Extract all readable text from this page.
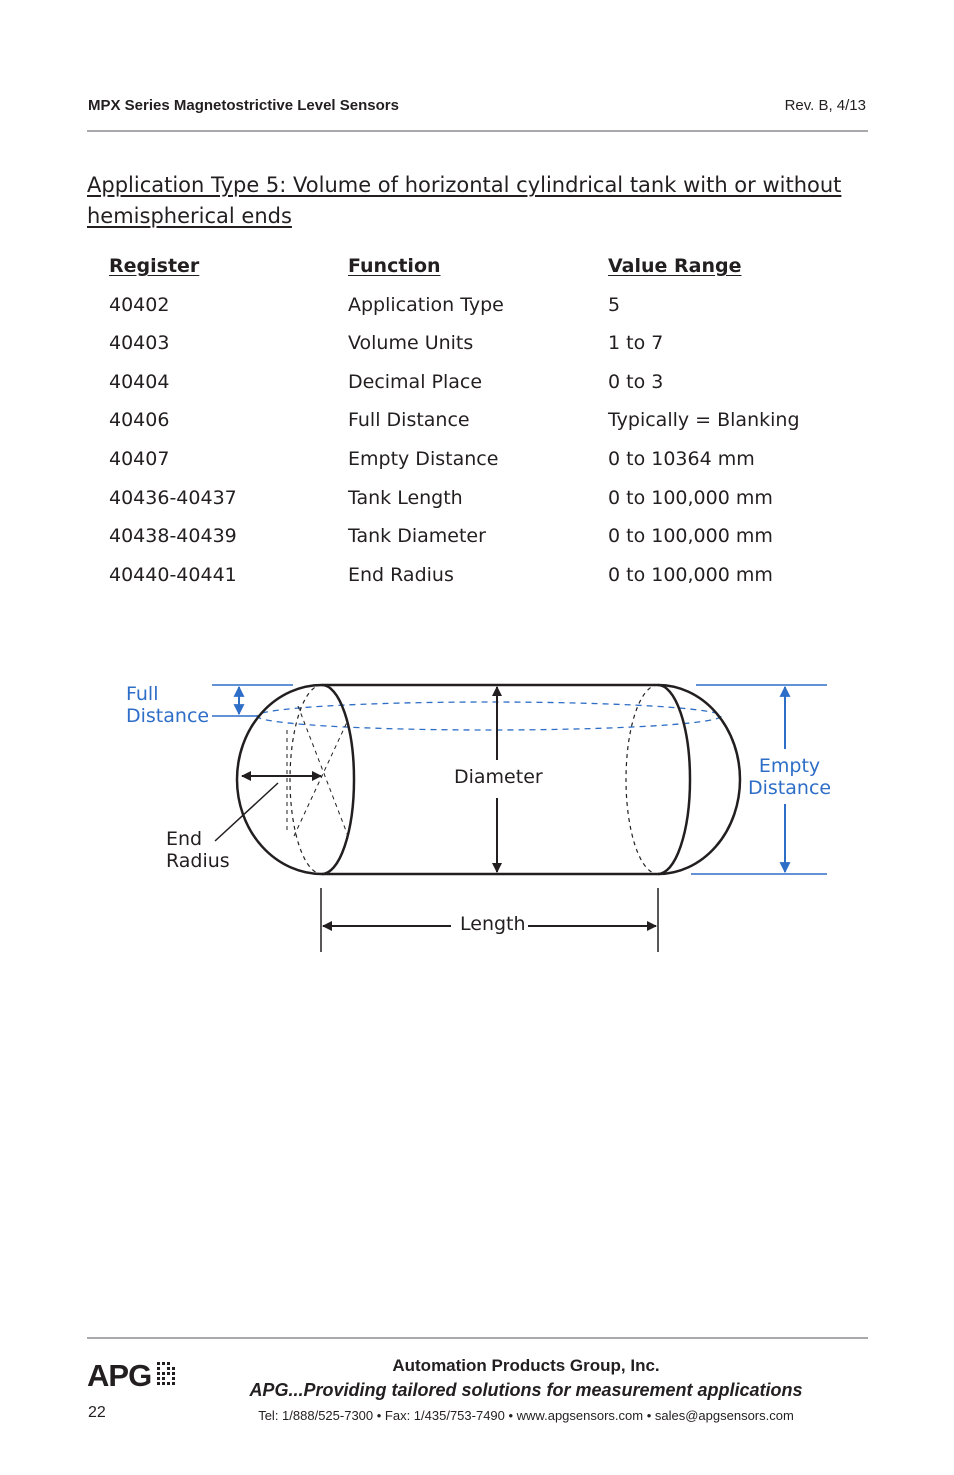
MPX Series Magnetostrictive Level Sensors	Rev. B, 4/13
Application Type 5: Volume of horizontal cylindrical tank with or without hemispherical ends
Register	Function	Value Range
40402	Application Type	5
40403	Volume Units	1 to 7
40404	Decimal Place	0 to 3
40406	Full Distance	Typically = Blanking
40407	Empty Distance	0 to 10364 mm
40436-40437	Tank Length	0 to 100,000 mm
40438-40439	Tank Diameter	0 to 100,000 mm
40440-40441	End Radius	0 to 100,000 mm
Full
Distance
Empty
Distance
Diameter
End
Radius
Length
APG
22
Automation Products Group, Inc.
APG...Providing tailored solutions for measurement applications
Tel: 1/888/525-7300 • Fax: 1/435/753-7490 • www.apgsensors.com • sales@apgsensors.com
